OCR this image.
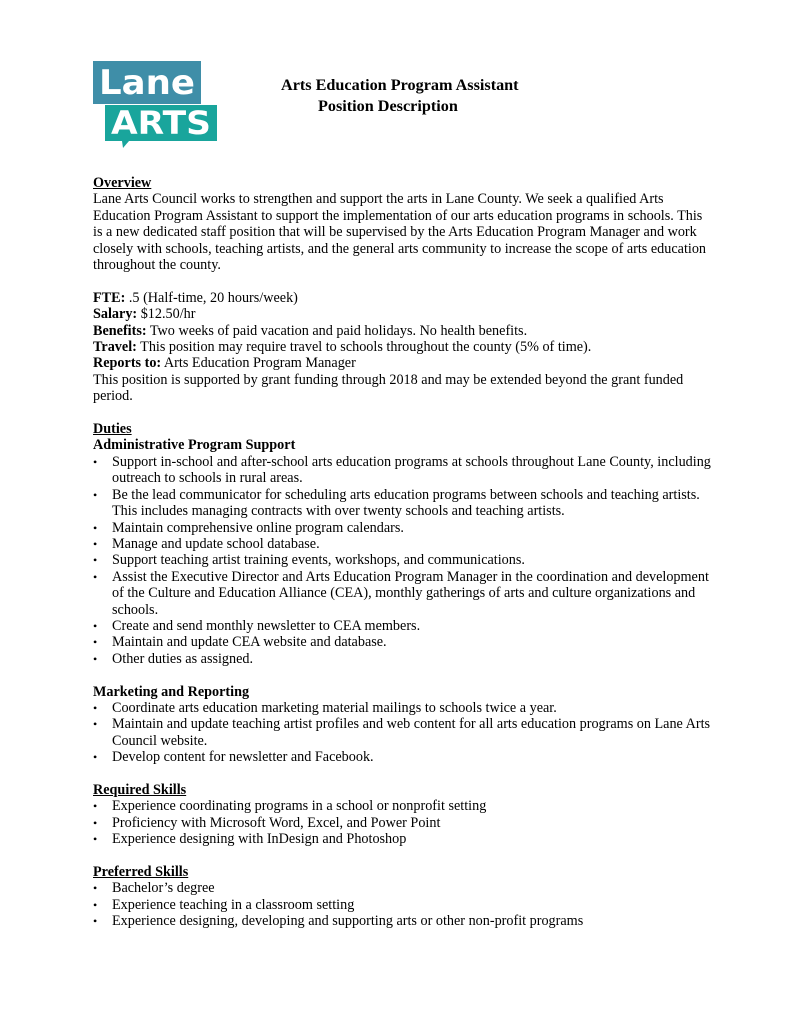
Lane
ARTS
Arts Education Program Assistant
Position Description
Overview

Lane Arts Council works to strengthen and support the arts in Lane County. We seek a qualified Arts Education Program Assistant to support the implementation of our arts education programs in schools. This is a new dedicated staff position that will be supervised by the Arts Education Program Manager and work closely with schools, teaching artists, and the general arts community to increase the scope of arts education throughout the county.

FTE: .5 (Half-time, 20 hours/week)

Salary: $12.50/hr

Benefits: Two weeks of paid vacation and paid holidays. No health benefits.

Travel: This position may require travel to schools throughout the county (5% of time).

Reports to: Arts Education Program Manager

This position is supported by grant funding through 2018 and may be extended beyond the grant funded period.

Duties
Administrative Program Support
• Support in-school and after-school arts education programs at schools throughout Lane County, including outreach to schools in rural areas.
• Be the lead communicator for scheduling arts education programs between schools and teaching artists. This includes managing contracts with over twenty schools and teaching artists.
• Maintain comprehensive online program calendars.
• Manage and update school database.
• Support teaching artist training events, workshops, and communications.
• Assist the Executive Director and Arts Education Program Manager in the coordination and development of the Culture and Education Alliance (CEA), monthly gatherings of arts and culture organizations and schools.
• Create and send monthly newsletter to CEA members.
• Maintain and update CEA website and database.
• Other duties as assigned.
Marketing and Reporting
• Coordinate arts education marketing material mailings to schools twice a year.
• Maintain and update teaching artist profiles and web content for all arts education programs on Lane Arts Council website.
• Develop content for newsletter and Facebook.
Required Skills
• Experience coordinating programs in a school or nonprofit setting
• Proficiency with Microsoft Word, Excel, and Power Point
• Experience designing with InDesign and Photoshop
Preferred Skills
• Bachelor’s degree
• Experience teaching in a classroom setting
• Experience designing, developing and supporting arts or other non-profit programs
